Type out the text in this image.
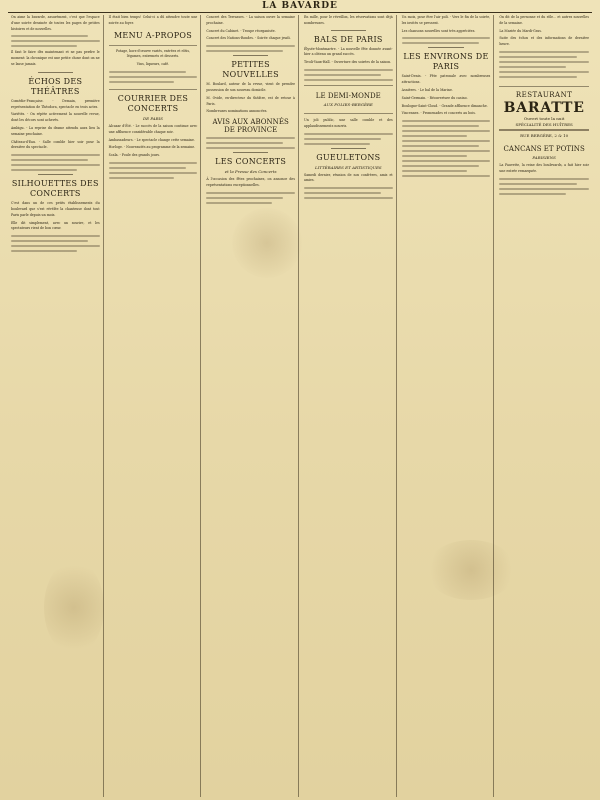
LA BAVARDE
On aime la bavarde, assurément, c'est que l'espace d'une soirée dessinée de toutes les pages de petites histoires et de nouvelles.
Il faut le faire dès maintenant et ne pas perdre le moment: la chronique est une petite chose dont on ne se lasse jamais.
ÉCHOS DES THÉÂTRES
Comédie-Française. - Demain, première représentation de Théodora, spectacle en trois actes.
Variétés. - On répète activement la nouvelle revue, dont les décors sont achevés.
Ambigu. - La reprise du drame attendu aura lieu la semaine prochaine.
Château-d'Eau. - Salle comble hier soir pour la dernière du spectacle.
SILHOUETTES DES CONCERTS
C'est dans un de ces petits établissements du boulevard que s'est révélée la chanteuse dont tout Paris parle depuis un mois.
Elle dit simplement, avec un sourire, et les spectateurs rient de bon cœur.
Il était bien temps! Celui-ci a dû attendre toute une soirée au foyer.
MENU A-PROPOS
Potage, hors-d'œuvre variés, entrées et rôtis, légumes, entremets et desserts.
Vins, liqueurs, café.
COURRIER DES CONCERTS
DE PARIS
Alcazar d'Été. - Le succès de la saison continue avec une affluence considérable chaque soir.
Ambassadeurs. - Le spectacle change cette semaine.
Horloge. - Nouveautés au programme de la semaine.
Scala. - Foule des grands jours.
Concert des Terrasses. - La saison ouvre la semaine prochaine.
Concert du Cabinet. - Troupe réorganisée.
Concert des Nations-Rondes. - Soirée chaque jeudi.
PETITES NOUVELLES
M. Boulard, auteur de la revue, vient de prendre possession de son nouveau domicile.
M. Ovide, ex-directeur du théâtre, est de retour à Paris.
Nombreuses nominations annoncées.
AVIS AUX ABONNÉS DE PROVINCE
LES CONCERTS
et la Presse des Concerts
À l'occasion des fêtes prochaines, on annonce des représentations exceptionnelles.
En mille, pour le réveillon, les réservations sont déjà nombreuses.
BALS DE PARIS
Élysée-Montmartre. - La nouvelle fête donnée avant-hier a obtenu un grand succès.
Tivoli-Vaux-Hall. - Ouverture des soirées de la saison.
LE DEMI-MONDE
AUX FOLIES-BERGÈRE
Un joli public, une salle comble et des applaudissements nourris.
GUEULETONS
LITTÉRAIRES ET ARTISTIQUES
Samedi dernier, réunion de nos confrères, amis et amies.
Un mois, pour être l'air poli. - Vers le fin de la soirée, les invités se pressent.
Les chansons nouvelles sont très appréciées.
LES ENVIRONS DE PARIS
Saint-Denis. - Fête patronale avec nombreuses attractions.
Asnières. - Le bal de la Marine.
Saint-Germain. - Réouverture du casino.
Boulogne-Saint-Cloud. - Grande affluence dimanche.
Vincennes. - Promenades et concerts au bois.
On dit de la personne et du rôle... et autres nouvelles de la semaine.
La Mariée du Mardi-Gras.
Suite des échos et des informations de dernière heure.
RESTAURANT
BARATTE
Ouvert toute la nuit
SPÉCIALITÉ DES HUÎTRES
RUE BERGÈRE, 2 & 10
CANCANS ET POTINS
PARISIENS
La Fauvette, la reine des boulevards, a fait hier soir une entrée remarquée.
